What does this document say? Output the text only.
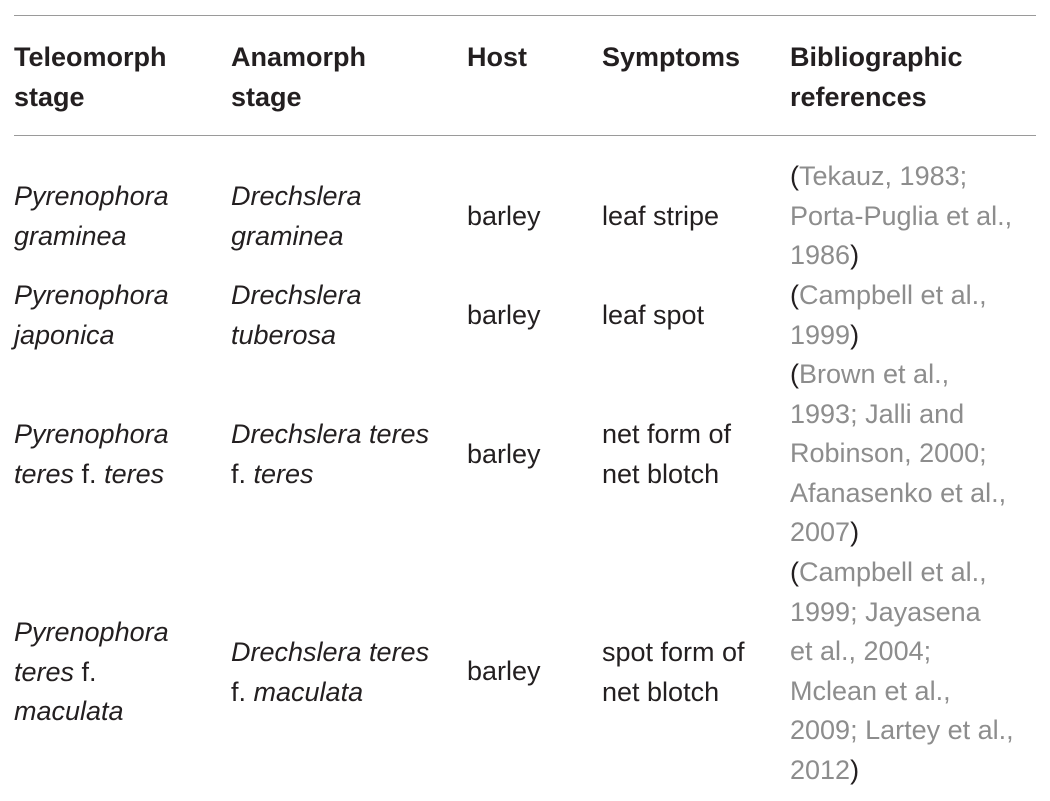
Teleomorph
stage
Anamorph
stage
Host	Symptoms Bibliographic
references
Pyrenophora
graminea
Drechslera
graminea
barley leaf stripe
(Tekauz, 1983;
Porta-Puglia et al.,
1986)
Pyrenophora
japonica
Drechslera
tuberosa
barley leaf spot
(Campbell et al.,
1999)
Pyrenophora
teres f. teres
Drechslera teres
f. teres
barley
net form of
net blotch
(Brown et al.,
1993; Jalli and
Robinson, 2000;
Afanasenko et al.,
2007)
Pyrenophora
teres f.
maculata
Drechslera teres
f. maculata
barley
spot form of
net blotch
(Campbell et al.,
1999; Jayasena
et al., 2004;
Mclean et al.,
2009; Lartey et al.,
2012)
